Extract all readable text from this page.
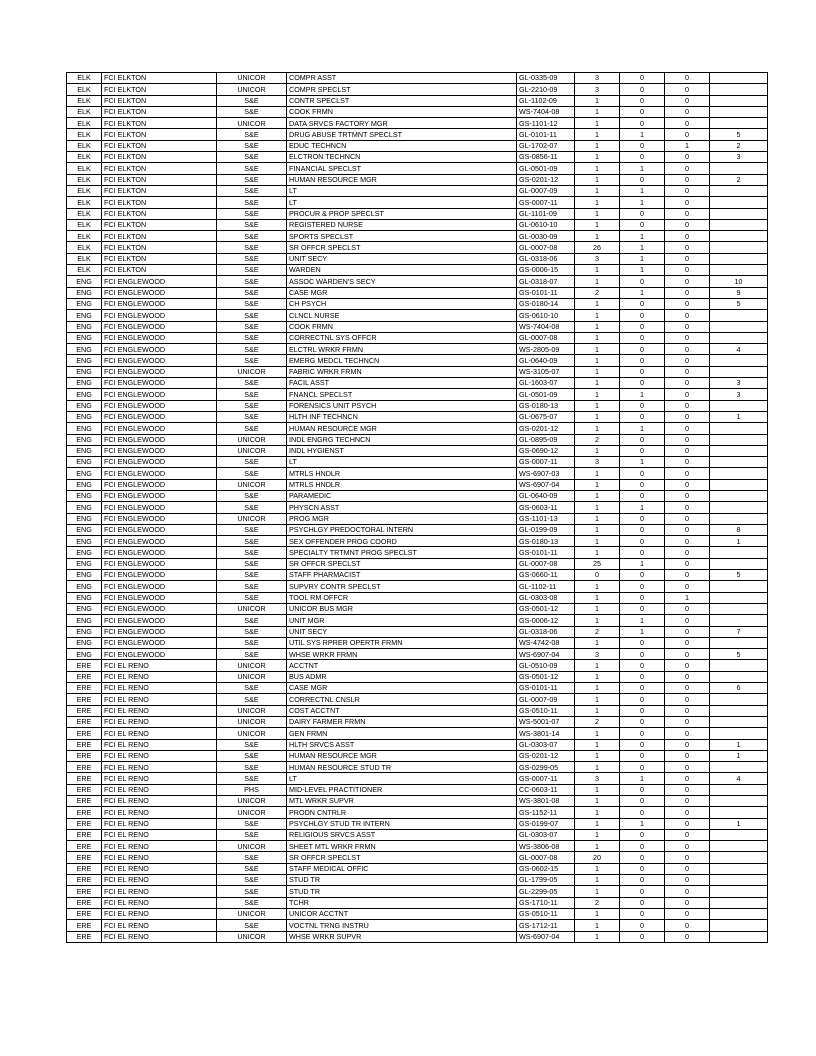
ELK	FCI ELKTON	UNICOR	COMPR ASST	GL-0335-09	3	0	0	
ELK	FCI ELKTON	UNICOR	COMPR SPECLST	GL-2210-09	3	0	0	
ELK	FCI ELKTON	S&E	CONTR SPECLST	GL-1102-09	1	0	0	
ELK	FCI ELKTON	S&E	COOK FRMN	WS-7404-08	1	0	0	
ELK	FCI ELKTON	UNICOR	DATA SRVCS FACTORY MGR	GS-1101-12	1	0	0	
ELK	FCI ELKTON	S&E	DRUG ABUSE TRTMNT SPECLST	GL-0101-11	1	1	0	5
ELK	FCI ELKTON	S&E	EDUC TECHNCN	GL-1702-07	1	0	1	2
ELK	FCI ELKTON	S&E	ELCTRON TECHNCN	GS-0856-11	1	0	0	3
ELK	FCI ELKTON	S&E	FINANCIAL SPECLST	GL-0501-09	1	1	0	
ELK	FCI ELKTON	S&E	HUMAN RESOURCE MGR	GS-0201-12	1	0	0	2
ELK	FCI ELKTON	S&E	LT	GL-0007-09	1	1	0	
ELK	FCI ELKTON	S&E	LT	GS-0007-11	1	1	0	
ELK	FCI ELKTON	S&E	PROCUR & PROP SPECLST	GL-1101-09	1	0	0	
ELK	FCI ELKTON	S&E	REGISTERED NURSE	GL-0610-10	1	0	0	
ELK	FCI ELKTON	S&E	SPORTS SPECLST	GL-0030-09	1	1	0	
ELK	FCI ELKTON	S&E	SR OFFCR SPECLST	GL-0007-08	26	1	0	
ELK	FCI ELKTON	S&E	UNIT SECY	GL-0318-06	3	1	0	
ELK	FCI ELKTON	S&E	WARDEN	GS-0006-15	1	1	0	
ENG	FCI ENGLEWOOD	S&E	ASSOC WARDEN'S SECY	GL-0318-07	1	0	0	10
ENG	FCI ENGLEWOOD	S&E	CASE MGR	GS-0101-11	2	1	0	9
ENG	FCI ENGLEWOOD	S&E	CH PSYCH	GS-0180-14	1	0	0	5
ENG	FCI ENGLEWOOD	S&E	CLNCL NURSE	GS-0610-10	1	0	0	
ENG	FCI ENGLEWOOD	S&E	COOK FRMN	WS-7404-08	1	0	0	
ENG	FCI ENGLEWOOD	S&E	CORRECTNL SYS OFFCR	GL-0007-08	1	0	0	
ENG	FCI ENGLEWOOD	S&E	ELCTRL WRKR FRMN	WS-2805-09	1	0	0	4
ENG	FCI ENGLEWOOD	S&E	EMERG MEDCL TECHNCN	GL-0640-09	1	0	0	
ENG	FCI ENGLEWOOD	UNICOR	FABRIC WRKR FRMN	WS-3105-07	1	0	0	
ENG	FCI ENGLEWOOD	S&E	FACIL ASST	GL-1603-07	1	0	0	3
ENG	FCI ENGLEWOOD	S&E	FNANCL SPECLST	GL-0501-09	1	1	0	3
ENG	FCI ENGLEWOOD	S&E	FORENSICS UNIT PSYCH	GS-0180-13	1	0	0	
ENG	FCI ENGLEWOOD	S&E	HLTH INF TECHNCN	GL-0675-07	1	0	0	1
ENG	FCI ENGLEWOOD	S&E	HUMAN RESOURCE MGR	GS-0201-12	1	1	0	
ENG	FCI ENGLEWOOD	UNICOR	INDL ENGRG TECHNCN	GL-0895-09	2	0	0	
ENG	FCI ENGLEWOOD	UNICOR	INDL HYGIENST	GS-0690-12	1	0	0	
ENG	FCI ENGLEWOOD	S&E	LT	GS-0007-11	3	1	0	
ENG	FCI ENGLEWOOD	S&E	MTRLS HNDLR	WS-6907-03	1	0	0	
ENG	FCI ENGLEWOOD	UNICOR	MTRLS HNDLR	WS-6907-04	1	0	0	
ENG	FCI ENGLEWOOD	S&E	PARAMEDIC	GL-0640-09	1	0	0	
ENG	FCI ENGLEWOOD	S&E	PHYSCN ASST	GS-0603-11	1	1	0	
ENG	FCI ENGLEWOOD	UNICOR	PROG MGR	GS-1101-13	1	0	0	
ENG	FCI ENGLEWOOD	S&E	PSYCHLGY PREDOCTORAL INTERN	GL-0199-09	1	0	0	8
ENG	FCI ENGLEWOOD	S&E	SEX OFFENDER PROG COORD	GS-0180-13	1	0	0	1
ENG	FCI ENGLEWOOD	S&E	SPECIALTY TRTMNT PROG SPECLST	GS-0101-11	1	0	0	
ENG	FCI ENGLEWOOD	S&E	SR OFFCR SPECLST	GL-0007-08	25	1	0	
ENG	FCI ENGLEWOOD	S&E	STAFF PHARMACIST	GS-0660-11	0	0	0	5
ENG	FCI ENGLEWOOD	S&E	SUPVRY CONTR SPECLST	GL-1102-11	1	0	0	
ENG	FCI ENGLEWOOD	S&E	TOOL RM OFFCR	GL-0303-08	1	0	1	
ENG	FCI ENGLEWOOD	UNICOR	UNICOR BUS MGR	GS-0501-12	1	0	0	
ENG	FCI ENGLEWOOD	S&E	UNIT MGR	GS-0006-12	1	1	0	
ENG	FCI ENGLEWOOD	S&E	UNIT SECY	GL-0318-06	2	1	0	7
ENG	FCI ENGLEWOOD	S&E	UTIL SYS RPRER OPERTR FRMN	WS-4742-08	1	0	0	
ENG	FCI ENGLEWOOD	S&E	WHSE WRKR FRMN	WS-6907-04	3	0	0	5
ERE	FCI EL RENO	UNICOR	ACCTNT	GL-0510-09	1	0	0	
ERE	FCI EL RENO	UNICOR	BUS ADMR	GS-0501-12	1	0	0	
ERE	FCI EL RENO	S&E	CASE MGR	GS-0101-11	1	0	0	6
ERE	FCI EL RENO	S&E	CORRECTNL CNSLR	GL-0007-09	1	0	0	
ERE	FCI EL RENO	UNICOR	COST ACCTNT	GS-0510-11	1	0	0	
ERE	FCI EL RENO	UNICOR	DAIRY FARMER FRMN	WS-5001-07	2	0	0	
ERE	FCI EL RENO	UNICOR	GEN FRMN	WS-3801-14	1	0	0	
ERE	FCI EL RENO	S&E	HLTH SRVCS ASST	GL-0303-07	1	0	0	1
ERE	FCI EL RENO	S&E	HUMAN RESOURCE MGR	GS-0201-12	1	0	0	1
ERE	FCI EL RENO	S&E	HUMAN RESOURCE STUD TR	GS-0299-05	1	0	0	
ERE	FCI EL RENO	S&E	LT	GS-0007-11	3	1	0	4
ERE	FCI EL RENO	PHS	MID-LEVEL PRACTITIONER	CC-0603-11	1	0	0	
ERE	FCI EL RENO	UNICOR	MTL WRKR SUPVR	WS-3801-08	1	0	0	
ERE	FCI EL RENO	UNICOR	PRODN CNTRLR	GS-1152-11	1	0	0	
ERE	FCI EL RENO	S&E	PSYCHLGY STUD TR INTERN	GS-0199-07	1	1	0	1
ERE	FCI EL RENO	S&E	RELIGIOUS SRVCS ASST	GL-0303-07	1	0	0	
ERE	FCI EL RENO	UNICOR	SHEET MTL WRKR FRMN	WS-3806-08	1	0	0	
ERE	FCI EL RENO	S&E	SR OFFCR SPECLST	GL-0007-08	20	0	0	
ERE	FCI EL RENO	S&E	STAFF MEDICAL OFFIC	GS-0602-15	1	0	0	
ERE	FCI EL RENO	S&E	STUD TR	GL-1799-05	1	0	0	
ERE	FCI EL RENO	S&E	STUD TR	GL-2299-05	1	0	0	
ERE	FCI EL RENO	S&E	TCHR	GS-1710-11	2	0	0	
ERE	FCI EL RENO	UNICOR	UNICOR ACCTNT	GS-0510-11	1	0	0	
ERE	FCI EL RENO	S&E	VOCTNL TRNG INSTRU	GS-1712-11	1	0	0	
ERE	FCI EL RENO	UNICOR	WHSE WRKR SUPVR	WS-6907-04	1	0	0	
